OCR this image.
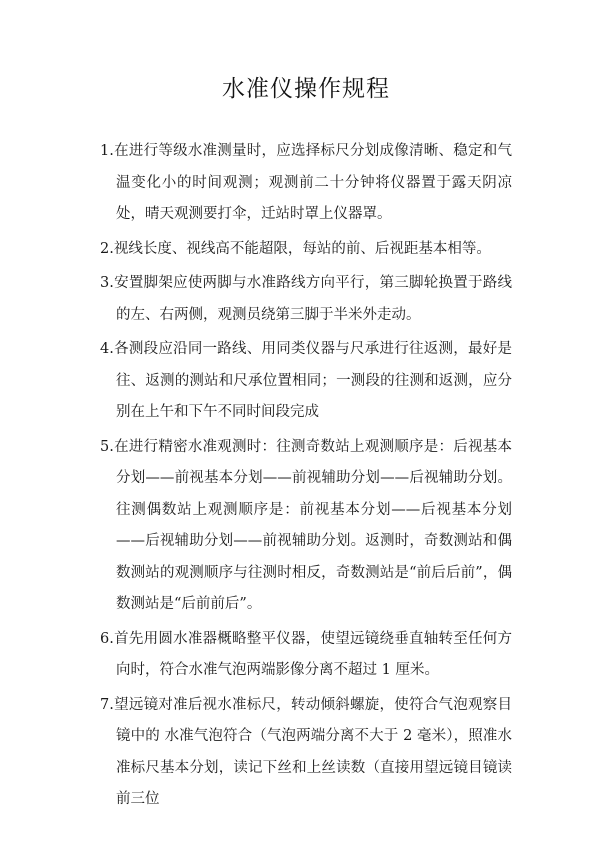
水准仪操作规程

1.在进行等级水准测量时，应选择标尺分划成像清晰、稳定和气温变化小的时间观测；观测前二十分钟将仪器置于露天阴凉处，晴天观测要打伞，迁站时罩上仪器罩。

2.视线长度、视线高不能超限，每站的前、后视距基本相等。

3.安置脚架应使两脚与水准路线方向平行，第三脚轮换置于路线的左、右两侧，观测员绕第三脚于半米外走动。

4.各测段应沿同一路线、用同类仪器与尺承进行往返测，最好是往、返测的测站和尺承位置相同；一测段的往测和返测，应分别在上午和下午不同时间段完成

5.在进行精密水准观测时：往测奇数站上观测顺序是：后视基本分划——前视基本分划——前视辅助分划——后视辅助分划。往测偶数站上观测顺序是：前视基本分划——后视基本分划——后视辅助分划——前视辅助分划。返测时，奇数测站和偶数测站的观测顺序与往测时相反，奇数测站是“前后后前”，偶数测站是“后前前后”。

6.首先用圆水准器概略整平仪器，使望远镜绕垂直轴转至任何方向时，符合水准气泡两端影像分离不超过 1 厘米。

7.望远镜对准后视水准标尺，转动倾斜螺旋，使符合气泡观察目镜中的 水准气泡符合（气泡两端分离不大于 2 毫米），照准水准标尺基本分划，读记下丝和上丝读数（直接用望远镜目镜读前三位
